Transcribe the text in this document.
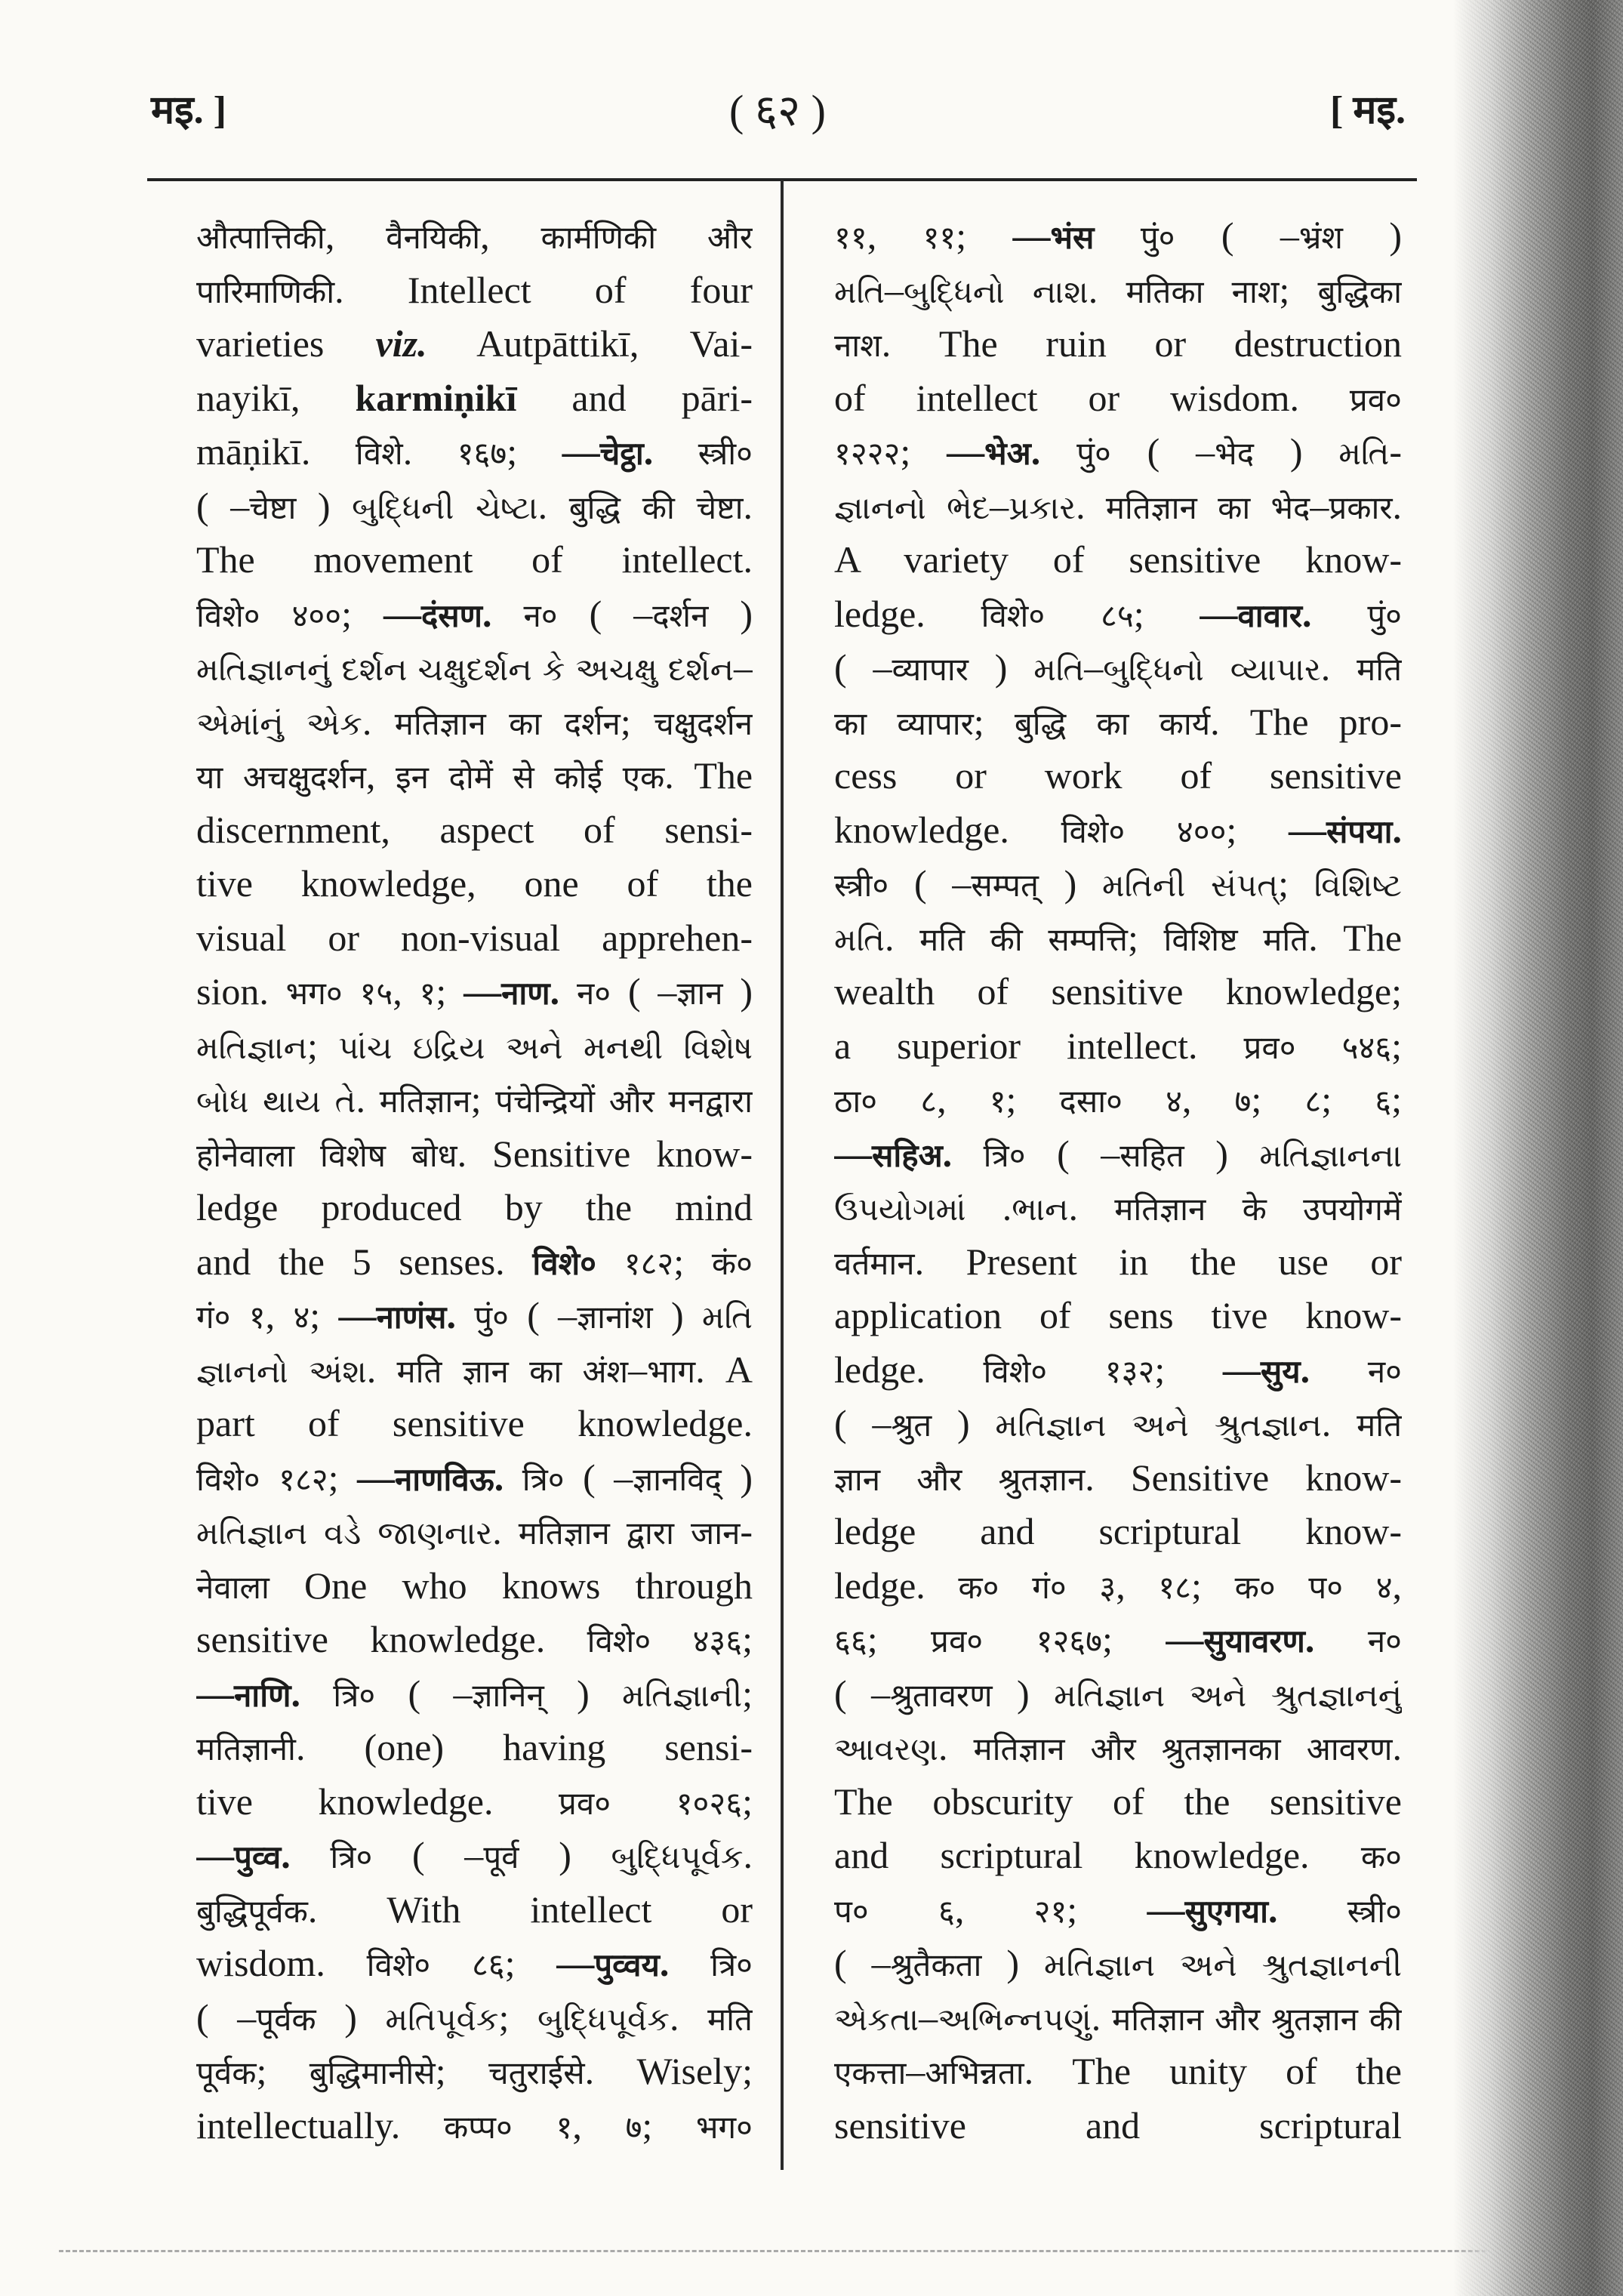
मइ. ]	( ६२ )	[ मइ.
औत्पात्तिकी, वैनयिकी, कार्मणिकी और
पारिमाणिकी. Intellect of four
varieties viz. Autpāttikī, Vai-
nayikī, karmiṇikī and pāri-
māṇikī. विशे. १६७; —चेट्ठा. स्त्री०
( –चेष्टा ) બુદ્ધિની ચેષ્ટા. बुद्धि की चेष्टा.
The movement of intellect.
विशे० ४००; —दंसण. न० ( –दर्शन )
મતિજ્ઞાનનું દર્શન ચક્ષુદર્શન કે અચક્ષુ દર્શન–
એમાંનું એક. मतिज्ञान का दर्शन; चक्षुदर्शन
या अचक्षुदर्शन, इन दोमें से कोई एक. The
discernment, aspect of sensi-
tive knowledge, one of the
visual or non-visual apprehen-
sion. भग० १५, १; —नाण. न० ( –ज्ञान )
મતિજ્ઞાન; પાંચ ઇદ્રિય અને મનથી વિશેષ
બોધ થાય તે. मतिज्ञान; पंचेन्द्रियों और मनद्वारा
होनेवाला विशेष बोध. Sensitive know-
ledge produced by the mind
and the 5 senses. विशे० १८२; कं०
गं० १, ४; —नाणंस. पुं० ( –ज्ञानांश ) મતિ
જ્ઞાનનો અંશ. मति ज्ञान का अंश–भाग. A
part of sensitive knowledge.
विशे० १८२; —नाणविऊ. त्रि० ( –ज्ञानविद् )
મતિજ્ઞાન વડે જાણનાર. मतिज्ञान द्वारा जान-
नेवाला One who knows through
sensitive knowledge. विशे० ४३६;
—नाणि. त्रि० ( –ज्ञानिन् ) મતિજ્ઞાની;
मतिज्ञानी. (one) having sensi-
tive knowledge. प्रव० १०२६;
—पुव्व. त्रि० ( –पूर्व ) બુદ્ધિપૂર્વક.
बुद्धिपूर्वक. With intellect or
wisdom. विशे० ८६; —पुव्वय. त्रि०
( –पूर्वक ) મતિપૂર્વક; બુદ્ધિપૂર્વક. मति
पूर्वक; बुद्धिमानीसे; चतुराईसे. Wisely;
intellectually. कप्प० १, ७; भग०
११, ११; —भंस पुं० ( –भ्रंश )
મતિ–બુદ્ધિનો નાશ. मतिका नाश; बुद्धिका
नाश. The ruin or destruction
of intellect or wisdom. प्रव०
१२२२; —भेअ. पुं० ( –भेद ) મતિ-
જ્ઞાનનો ભેદ–પ્રકાર. मतिज्ञान का भेद–प्रकार.
A variety of sensitive know-
ledge. विशे० ८५; —वावार. पुं०
( –व्यापार ) મતિ–બુદ્ધિનો વ્યાપાર. मति
का व्यापार; बुद्धि का कार्य. The pro-
cess or work of sensitive
knowledge. विशे० ४००; —संपया.
स्त्री० ( –सम्पत् ) મતિની સંપત્; વિશિષ્ટ
મતિ. मति की सम्पत्ति; विशिष्ट मति. The
wealth of sensitive knowledge;
a superior intellect. प्रव० ५४६;
ठा० ८, १; दसा० ४, ७; ८; ६;
—सहिअ. त्रि० ( –सहित ) મતિજ્ઞાનના
ઉપયોગમાં .ભાન. मतिज्ञान के उपयोगमें
वर्तमान. Present in the use or
application of sens tive know-
ledge. विशे० १३२; —सुय. न०
( –श्रुत ) મતિજ્ઞાન અને શ્રુતજ્ઞાન. मति
ज्ञान और श्रुतज्ञान. Sensitive know-
ledge and scriptural know-
ledge. क० गं० ३, १८; क० प० ४,
६६; प्रव० १२६७; —सुयावरण. न०
( –श्रुतावरण ) મતિજ્ઞાન અને શ્રુતજ્ઞાનનું
આવરણ. मतिज्ञान और श्रुतज्ञानका आवरण.
The obscurity of the sensitive
and scriptural knowledge. क०
प० ६, २१; —सुएगया. स्त्री०
( –श्रुतैकता ) મતિજ્ઞાન અને શ્રુતજ્ઞાનની
એકતા–અભિન્નપણું. मतिज्ञान और श्रुतज्ञान की
एकत्ता–अभिन्नता. The unity of the
sensitive and scriptural
